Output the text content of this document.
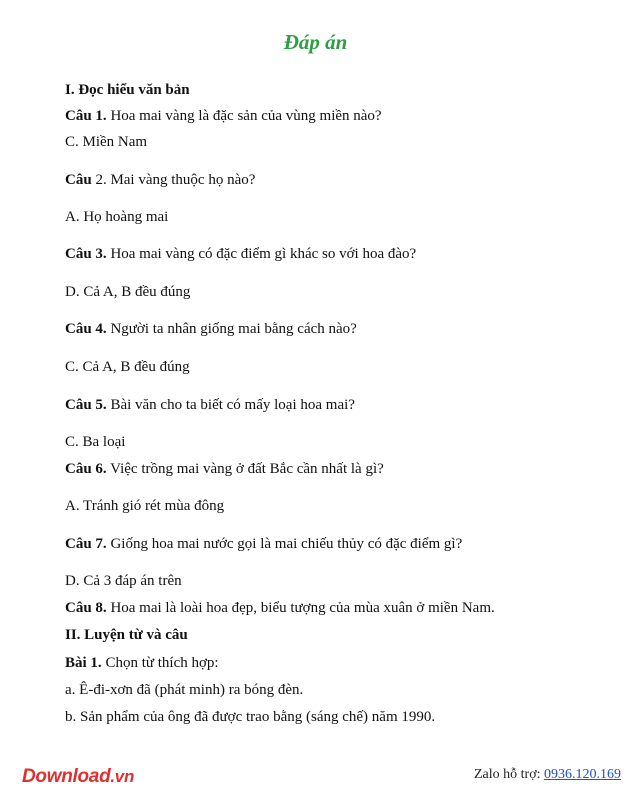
Đáp án
I. Đọc hiểu văn bản
Câu 1. Hoa mai vàng là đặc sản của vùng miền nào?
C. Miền Nam
Câu 2. Mai vàng thuộc họ nào?
A. Họ hoàng mai
Câu 3. Hoa mai vàng có đặc điểm gì khác so với hoa đào?
D. Cả A, B đều đúng
Câu 4. Người ta nhân giống mai bằng cách nào?
C. Cả A, B đều đúng
Câu 5. Bài văn cho ta biết có mấy loại hoa mai?
C. Ba loại
Câu 6. Việc trồng mai vàng ở đất Bắc cần nhất là gì?
A. Tránh gió rét mùa đông
Câu 7. Giống hoa mai nước gọi là mai chiếu thủy có đặc điểm gì?
D. Cả 3 đáp án trên
Câu 8. Hoa mai là loài hoa đẹp, biểu tượng của mùa xuân ở miền Nam.
II. Luyện từ và câu
Bài 1. Chọn từ thích hợp:
a. Ê-đi-xơn đã (phát minh) ra bóng đèn.
b. Sản phẩm của ông đã được trao bằng (sáng chế) năm 1990.
Download.vn	Zalo hỗ trợ: 0936.120.169
